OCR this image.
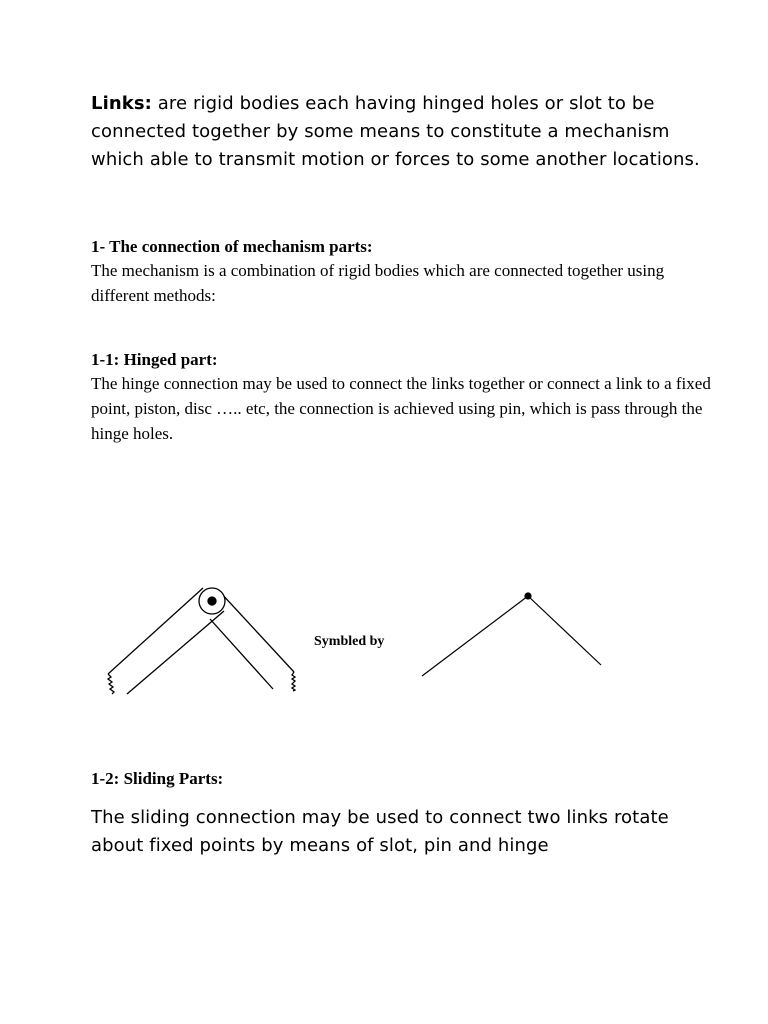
Links: are rigid bodies each having hinged holes or slot to be connected together by some means to constitute a mechanism which able to transmit motion or forces to some another locations.

1- The connection of mechanism parts:
The mechanism is a combination of rigid bodies which are connected together using different methods:
1-1: Hinged part:
The hinge connection may be used to connect the links together or connect a link to a fixed point, piston, disc ….. etc, the connection is achieved using pin, which is pass through the hinge holes.
Symbled by
1-2: Sliding Parts:
The sliding connection may be used to connect two links rotate about fixed points by means of slot, pin and hinge
